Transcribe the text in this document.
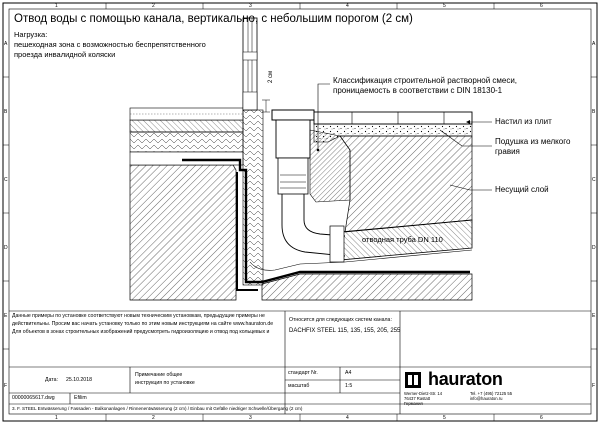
Отвод воды с помощью канала, вертикально, с небольшим порогом (2 см)
Нагрузка:
пешеходная зона с возможностью беспрепятственного
проезда инвалидной коляски
1	2	3	4	5	6
1	2	3	4	5	6
A
B
C
D
E
F
A
B
C
D
E
F
Классификация строительной растворной смеси,
проницаемость в соответствии с DIN 18130-1
Настил из плит
Подушка из мелкого
гравия
Несущий слой
отводная труба DN 110
2 см
Данные примеры по установке соответствуют новым техническим установкам, предыдущие примеры не
действительны. Просим вас начать установку только по этим новым инструкциям на сайте www.hauraton.de
Для объектов в зонах строительных изображений предусмотреть гидроизоляцию и отвод под кольцевых и
Относится для следующих систем канала:
DACHFIX STEEL 115, 135, 155, 205, 255
Дата: 25.10.2018
Примечание общее
инструкция по установке
стандарт Nr.	A4
масштаб	1:5
00000065617.dwg	Efilim
3. F. STEEL Entwässerung / Fassaden - Balkonanlagen / Rinnenentwässerung (2 cm) / Einbau mit Gefälle niedriger Schwelle/Übergang (2 cm)
hauraton
Werner-Dietz-Str. 14
76437 Rastatt
Германия
Tel. +7 (495) 72125 55
info@hauraton.ru
